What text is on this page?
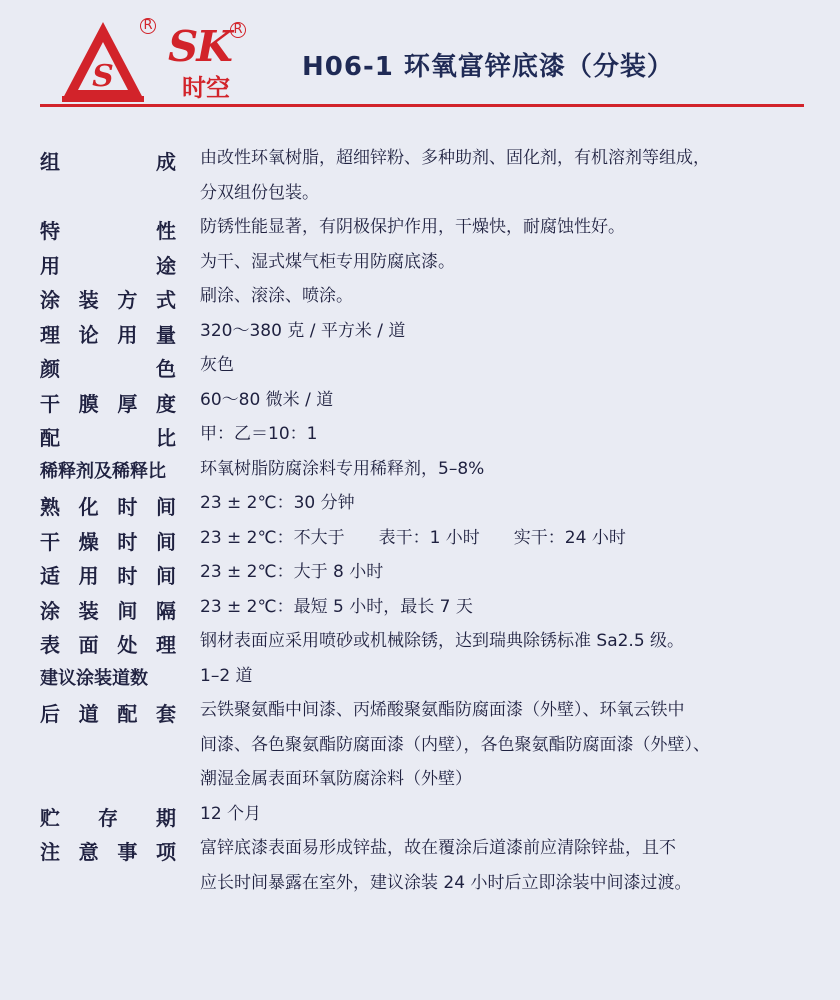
S
R SK
时空
R
H06-1 环氧富锌底漆（分装）
组	成 由改性环氧树脂，超细锌粉、多种助剂、固化剂，有机溶剂等组成，
分双组份包装。
特	性 防锈性能显著，有阴极保护作用，干燥快，耐腐蚀性好。
用	途 为干、湿式煤气柜专用防腐底漆。
涂 装 方 式 刷涂、滚涂、喷涂。
理 论 用 量 320～380 克 / 平方米 / 道
颜	色 灰色
干 膜 厚 度 60～80 微米 / 道
配	比 甲：乙＝10：1
稀释剂及稀释比	环氧树脂防腐涂料专用稀释剂，5–8%
熟 化 时 间 23 ± 2℃：30 分钟
干 燥 时 间 23 ± 2℃：不大于　　表干：1 小时　　实干：24 小时
适 用 时 间 23 ± 2℃：大于 8 小时
涂 装 间 隔 23 ± 2℃：最短 5 小时，最长 7 天
表 面 处 理 钢材表面应采用喷砂或机械除锈，达到瑞典除锈标准 Sa2.5 级。
建议涂装道数	1–2 道
后 道 配 套 云铁聚氨酯中间漆、丙烯酸聚氨酯防腐面漆（外壁）、环氧云铁中
间漆、各色聚氨酯防腐面漆（内壁），各色聚氨酯防腐面漆（外壁）、
潮湿金属表面环氧防腐涂料（外壁）
贮 存 期 12 个月
注 意 事 项 富锌底漆表面易形成锌盐，故在覆涂后道漆前应清除锌盐，且不
应长时间暴露在室外，建议涂装 24 小时后立即涂装中间漆过渡。
